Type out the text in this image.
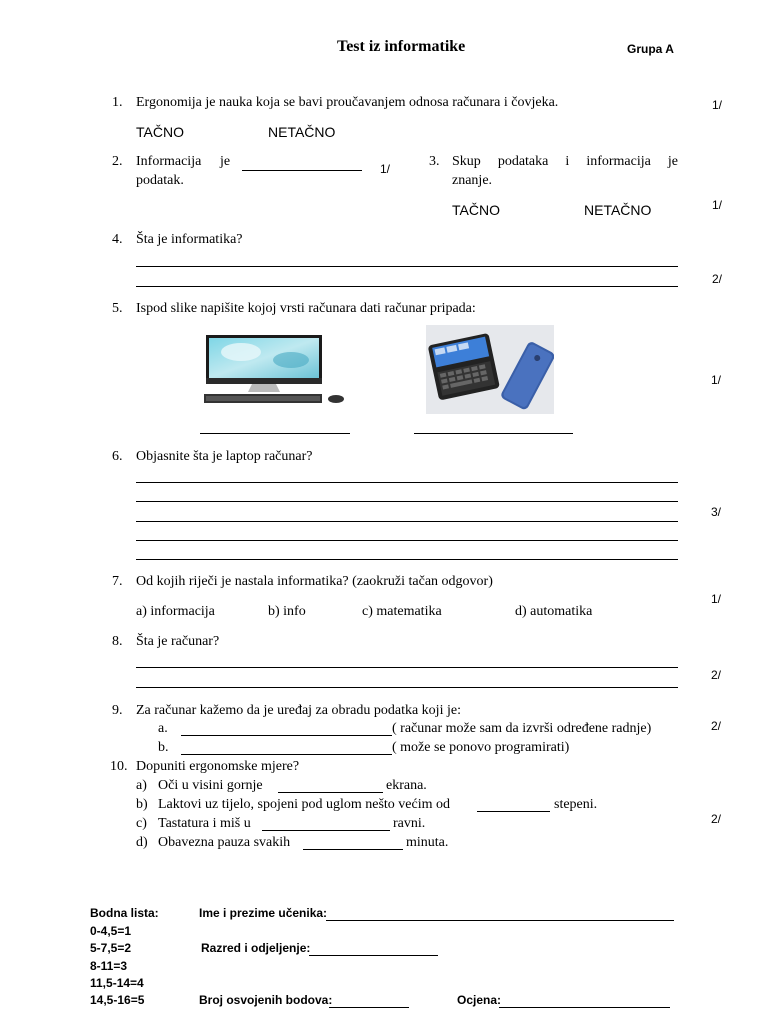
Test iz informatike	Grupa A
1. Ergonomija je nauka koja se bavi proučavanjem odnosa računara i čovjeka.
TAČNO	NETAČNO
1/
2. Informacija je
podatak.
1/	3. Skup podataka i informacija je
znanje.
TAČNO	NETAČNO	1/
4. Šta je informatika?
2/
5. Ispod slike napišite kojoj vrsti računara dati računar pripada:
1/
6. Objasnite šta je laptop računar?
3/
7. Od kojih riječi je nastala informatika? (zaokruži tačan odgovor)
a) informacija	b) info	c) matematika	d) automatika
1/
8. Šta je računar?
2/
9. Za računar kažemo da je uređaj za obradu podatka koji je:
a.	( računar može sam da izvrši određene radnje)
b.	( može se ponovo programirati)
2/
10. Dopuniti ergonomske mjere?
a) Oči u visini gornje	ekrana.
b) Laktovi uz tijelo, spojeni pod uglom nešto većim od	stepeni.
c) Tastatura i miš u	ravni.
d) Obavezna pauza svakih	minuta.
2/
Bodna lista:
0-4,5=1
5-7,5=2
8-11=3
11,5-14=4
14,5-16=5
Ime i prezime učenika:
Razred i odjeljenje:
Broj osvojenih bodova:	Ocjena:
